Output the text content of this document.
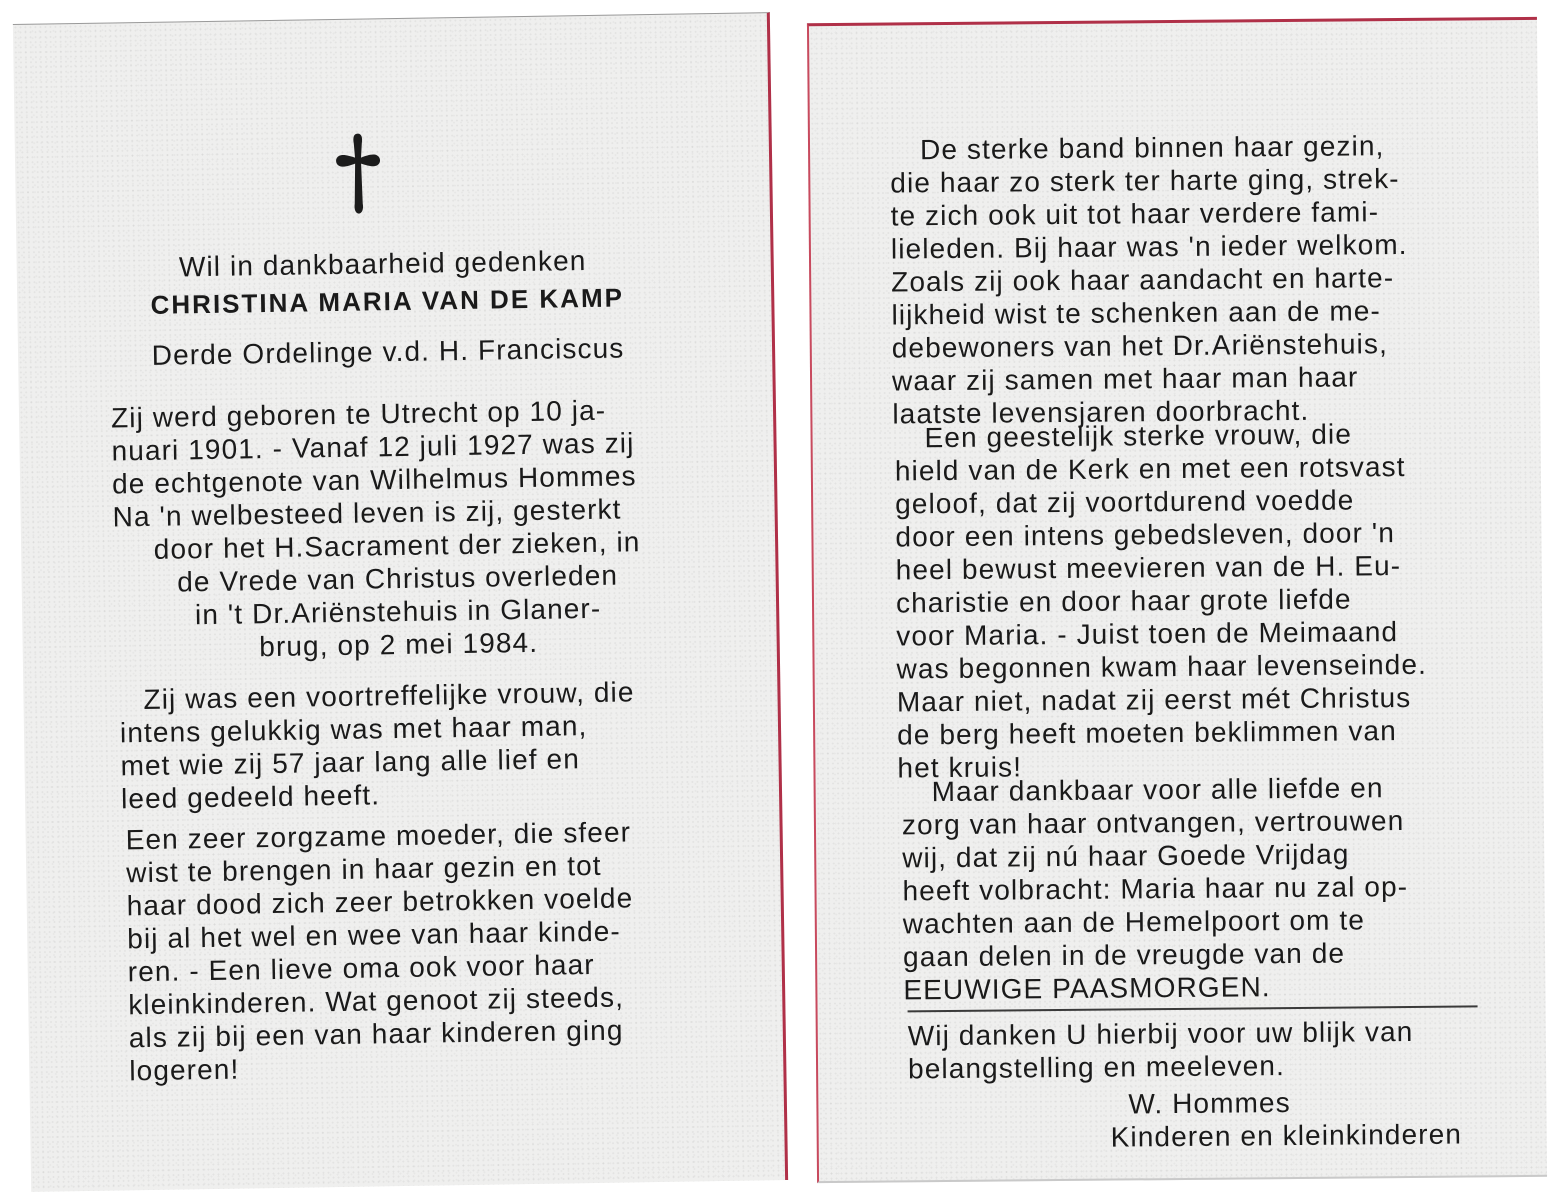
Wil in dankbaarheid gedenken
CHRISTINA MARIA VAN DE KAMP
Derde Ordelinge v.d. H. Franciscus
Zij werd geboren te Utrecht op 10 ja-
nuari 1901. - Vanaf 12 juli 1927 was zij
de echtgenote van Wilhelmus Hommes
Na 'n welbesteed leven is zij, gesterkt
door het H.Sacrament der zieken, in
de Vrede van Christus overleden
in 't Dr.Ariënstehuis in Glaner-
brug, op 2 mei 1984.
Zij was een voortreffelijke vrouw, die
intens gelukkig was met haar man,
met wie zij 57 jaar lang alle lief en
leed gedeeld heeft.
Een zeer zorgzame moeder, die sfeer
wist te brengen in haar gezin en tot
haar dood zich zeer betrokken voelde
bij al het wel en wee van haar kinde-
ren. - Een lieve oma ook voor haar
kleinkinderen. Wat genoot zij steeds,
als zij bij een van haar kinderen ging
logeren!
De sterke band binnen haar gezin,
die haar zo sterk ter harte ging, strek-
te zich ook uit tot haar verdere fami-
lieleden. Bij haar was 'n ieder welkom.
Zoals zij ook haar aandacht en harte-
lijkheid wist te schenken aan de me-
debewoners van het Dr.Ariënstehuis,
waar zij samen met haar man haar
laatste levensjaren doorbracht.
Een geestelijk sterke vrouw, die
hield van de Kerk en met een rotsvast
geloof, dat zij voortdurend voedde
door een intens gebedsleven, door 'n
heel bewust meevieren van de H. Eu-
charistie en door haar grote liefde
voor Maria. - Juist toen de Meimaand
was begonnen kwam haar levenseinde.
Maar niet, nadat zij eerst mét Christus
de berg heeft moeten beklimmen van
het kruis!
Maar dankbaar voor alle liefde en
zorg van haar ontvangen, vertrouwen
wij, dat zij nú haar Goede Vrijdag
heeft volbracht: Maria haar nu zal op-
wachten aan de Hemelpoort om te
gaan delen in de vreugde van de
EEUWIGE PAASMORGEN.
Wij danken U hierbij voor uw blijk van
belangstelling en meeleven.
W. Hommes
Kinderen en kleinkinderen
